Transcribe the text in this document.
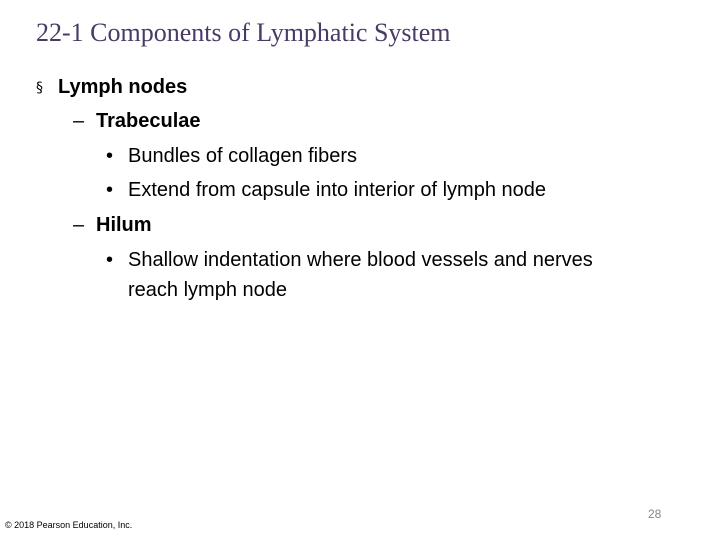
22-1 Components of Lymphatic System
§ Lymph nodes
– Trabeculae
• Bundles of collagen fibers
• Extend from capsule into interior of lymph node
– Hilum
• Shallow indentation where blood vessels and nerves
reach lymph node
28
© 2018 Pearson Education, Inc.
